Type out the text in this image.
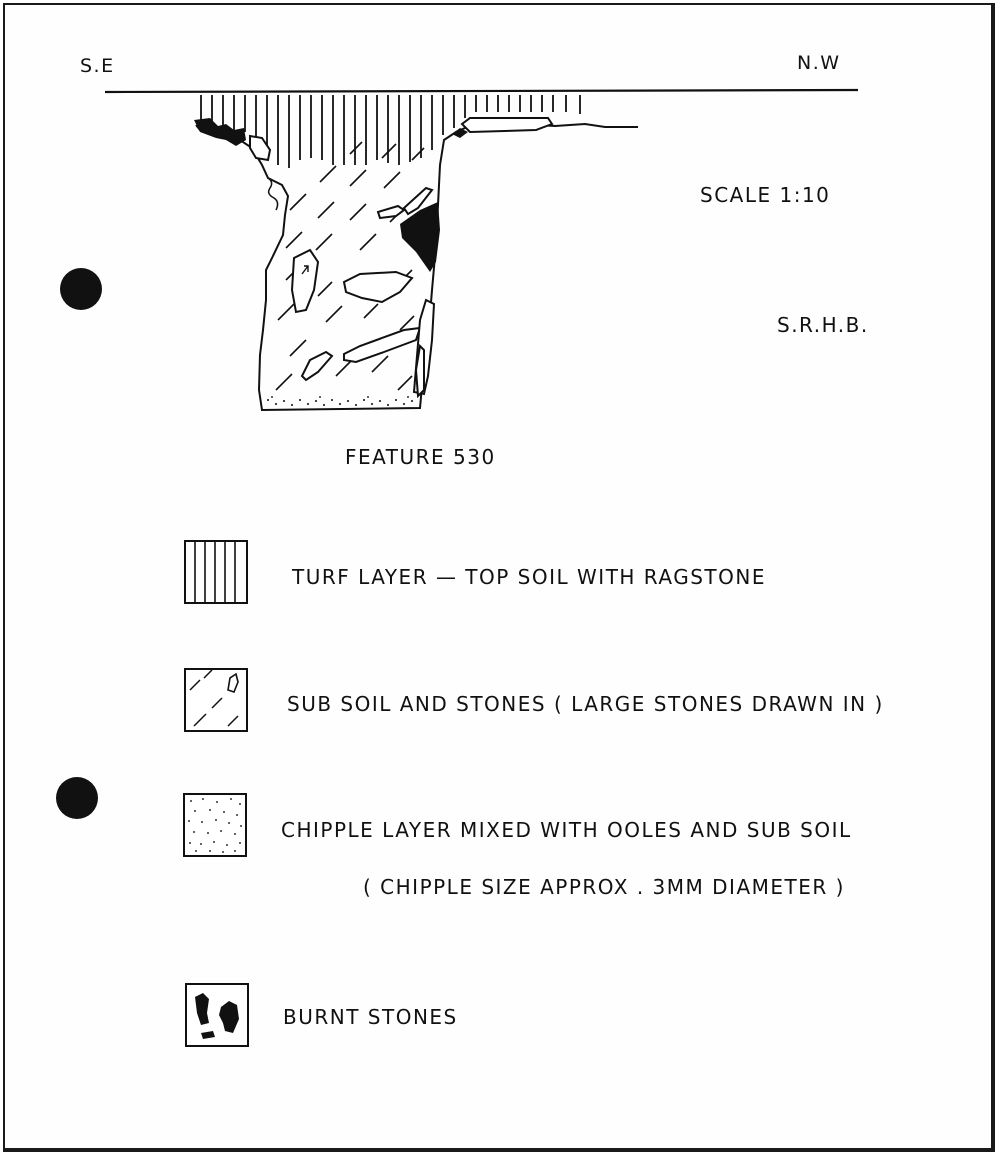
S.E	N.W
SCALE 1:10
S.R.H.B.
FEATURE 530
TURF LAYER — TOP SOIL WITH RAGSTONE
SUB SOIL AND STONES ( LARGE STONES DRAWN IN )
CHIPPLE LAYER MIXED WITH OOLES AND SUB SOIL
( CHIPPLE SIZE APPROX . 3MM DIAMETER )
BURNT STONES
